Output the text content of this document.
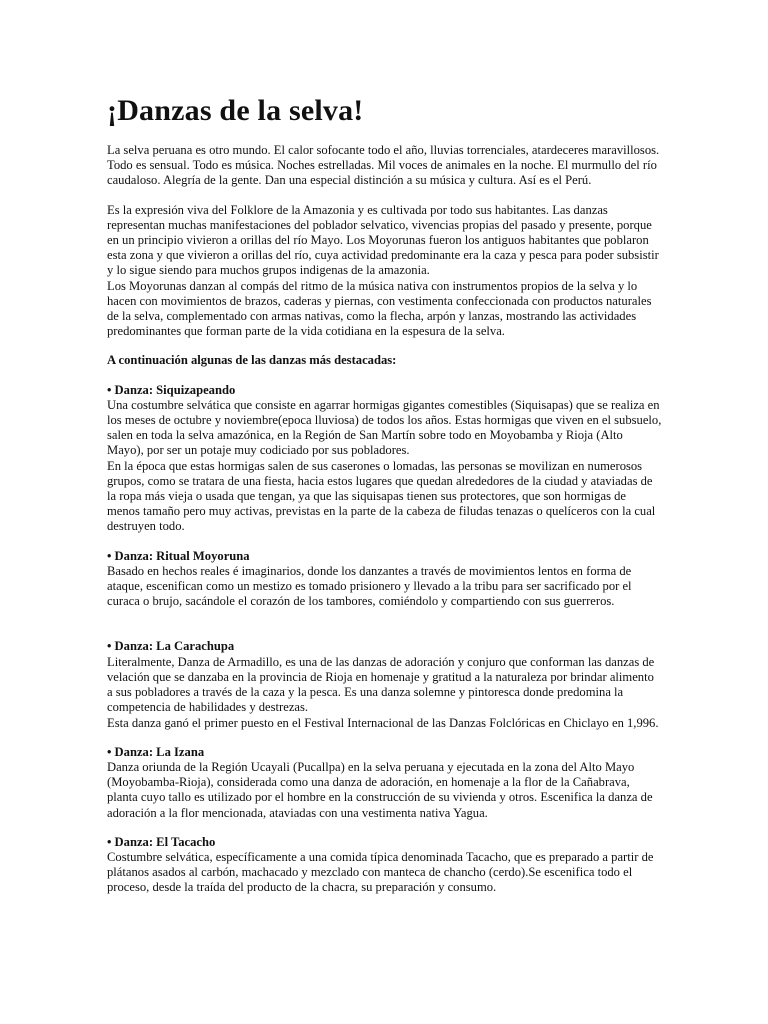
¡Danzas de la selva!

La selva peruana es otro mundo. El calor sofocante todo el año, lluvias torrenciales, atardeceres maravillosos. Todo es sensual. Todo es música. Noches estrelladas. Mil voces de animales en la noche. El murmullo del río caudaloso. Alegría de la gente. Dan una especial distinción a su música y cultura. Así es el Perú.

Es la expresión viva del Folklore de la Amazonia y es cultivada por todo sus habitantes. Las danzas representan muchas manifestaciones del poblador selvatico, vivencias propias del pasado y presente, porque en un principio vivieron a orillas del río Mayo. Los Moyorunas fueron los antiguos habitantes que poblaron esta zona y que vivieron a orillas del río, cuya actividad predominante era la caza y pesca para poder subsistir y lo sigue siendo para muchos grupos indigenas de la amazonia.

Los Moyorunas danzan al compás del ritmo de la música nativa con instrumentos propios de la selva y lo hacen con movimientos de brazos, caderas y piernas, con vestimenta confeccionada con productos naturales de la selva, complementado con armas nativas, como la flecha, arpón y lanzas, mostrando las actividades predominantes que forman parte de la vida cotidiana en la espesura de la selva.

A continuación algunas de las danzas más destacadas:

• Danza: Siquizapeando

Una costumbre selvática que consiste en agarrar hormigas gigantes comestibles (Siquisapas) que se realiza en los meses de octubre y noviembre(epoca lluviosa) de todos los años. Estas hormigas que viven en el subsuelo, salen en toda la selva amazónica, en la Región de San Martín sobre todo en Moyobamba y Rioja (Alto Mayo), por ser un potaje muy codiciado por sus pobladores.

En la época que estas hormigas salen de sus caserones o lomadas, las personas se movilizan en numerosos grupos, como se tratara de una fiesta, hacia estos lugares que quedan alrededores de la ciudad y ataviadas de la ropa más vieja o usada que tengan, ya que las siquisapas tienen sus protectores, que son hormigas de menos tamaño pero muy activas, previstas en la parte de la cabeza de filudas tenazas o quelíceros con la cual destruyen todo.

• Danza: Ritual Moyoruna

Basado en hechos reales é imaginarios, donde los danzantes a través de movimientos lentos en forma de ataque, escenifican como un mestizo es tomado prisionero y llevado a la tribu para ser sacrificado por el curaca o brujo, sacándole el corazón de los tambores, comiéndolo y compartiendo con sus guerreros.

• Danza: La Carachupa

Literalmente, Danza de Armadillo, es una de las danzas de adoración y conjuro que conforman las danzas de velación que se danzaba en la provincia de Rioja en homenaje y gratitud a la naturaleza por brindar alimento a sus pobladores a través de la caza y la pesca. Es una danza solemne y pintoresca donde predomina la competencia de habilidades y destrezas.

Esta danza ganó el primer puesto en el Festival Internacional de las Danzas Folclóricas en Chiclayo en 1,996.

• Danza: La Izana

Danza oriunda de la Región Ucayali (Pucallpa) en la selva peruana y ejecutada en la zona del Alto Mayo (Moyobamba-Rioja), considerada como una danza de adoración, en homenaje a la flor de la Cañabrava, planta cuyo tallo es utilizado por el hombre en la construcción de su vivienda y otros. Escenifica la danza de adoración a la flor mencionada, ataviadas con una vestimenta nativa Yagua.

• Danza: El Tacacho

Costumbre selvática, específicamente a una comida típica denominada Tacacho, que es preparado a partir de plátanos asados al carbón, machacado y mezclado con manteca de chancho (cerdo).Se escenifica todo el proceso, desde la traída del producto de la chacra, su preparación y consumo.
